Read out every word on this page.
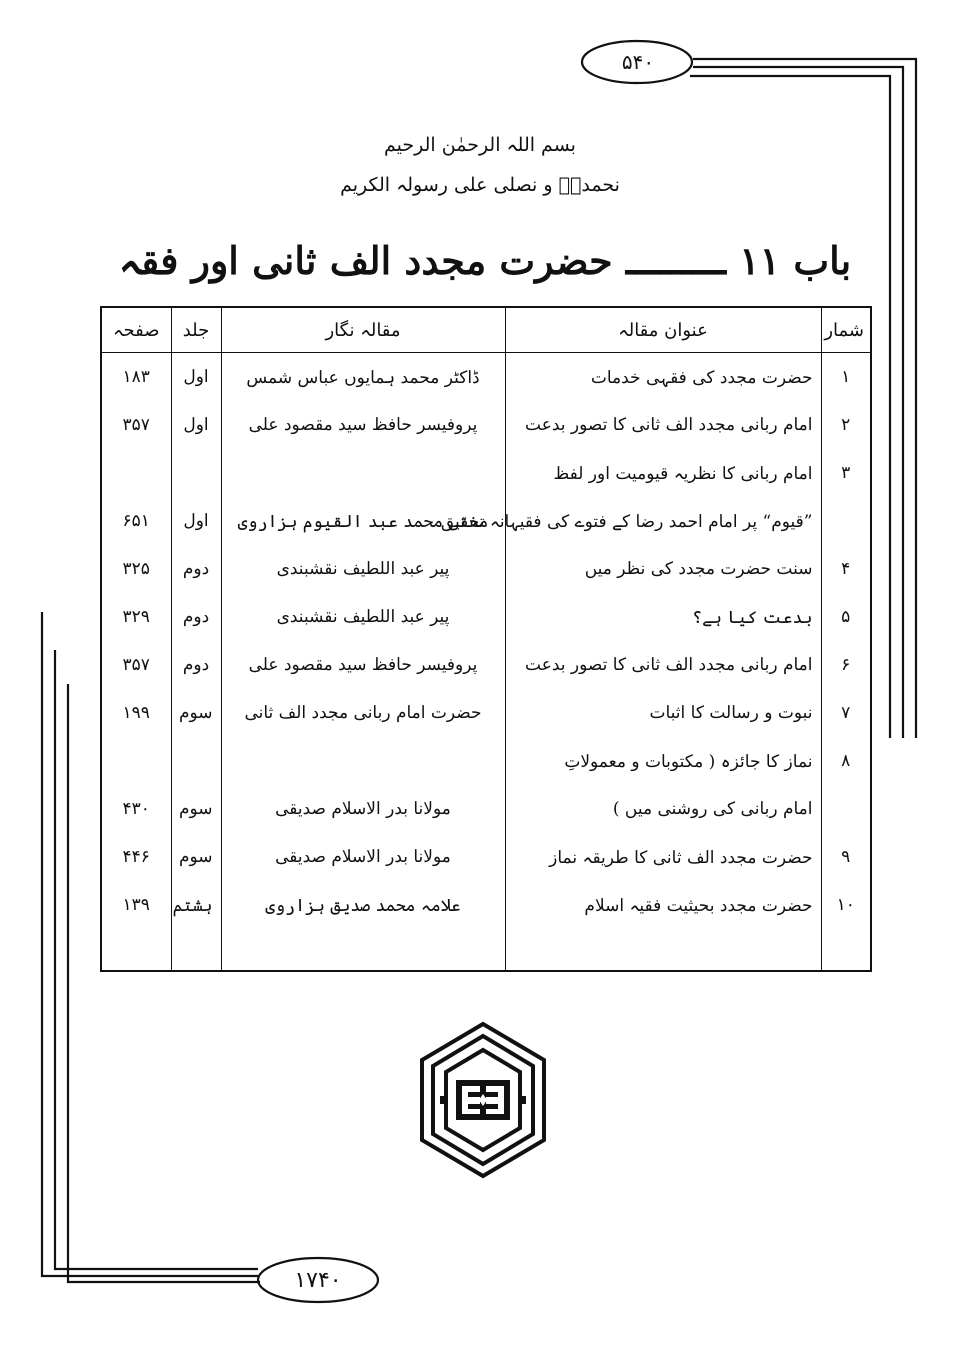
۵۴۰
۱۷۴۰
بسم اللہ الرحمٰن الرحیم
نحمدہٗ و نصلی علی رسولہ الکریم
باب ۱۱ ـــــــــ حضرت مجدد الف ثانی اور فقہ
شمار	عنوان مقالہ	مقالہ نگار	جلد	صفحہ
۱	حضرت مجدد کی فقہی خدمات	ڈاکٹر محمد ہمایوں عباس شمس	اول	۱۸۳
۲	امام ربانی مجدد الف ثانی کا تصور بدعت	پروفیسر حافظ سید مقصود علی	اول	۳۵۷
۳	امام ربانی کا نظریہ قیومیت اور لفظ			
	”قیوم“ پر امام احمد رضا کے فتوے کی فقیہانہ تحقیق	مفتی محمد عبد القیوم ہزاروی	اول	۶۵۱
۴	سنت حضرت مجدد کی نظر میں	پیر عبد اللطیف نقشبندی	دوم	۳۲۵
۵	بدعت کیا ہے؟	پیر عبد اللطیف نقشبندی	دوم	۳۲۹
۶	امام ربانی مجدد الف ثانی کا تصور بدعت	پروفیسر حافظ سید مقصود علی	دوم	۳۵۷
۷	نبوت و رسالت کا اثبات	حضرت امام ربانی مجدد الف ثانی	سوم	۱۹۹
۸	نماز کا جائزہ ( مکتوبات و معمولاتِ			
	امام ربانی کی روشنی میں )	مولانا بدر الاسلام صدیقی	سوم	۴۳۰
۹	حضرت مجدد الف ثانی کا طریقہ نماز	مولانا بدر الاسلام صدیقی	سوم	۴۴۶
۱۰	حضرت مجدد بحیثیت فقیہ اسلام	علامہ محمد صدیق ہزاروی	ہشتم	۱۳۹
